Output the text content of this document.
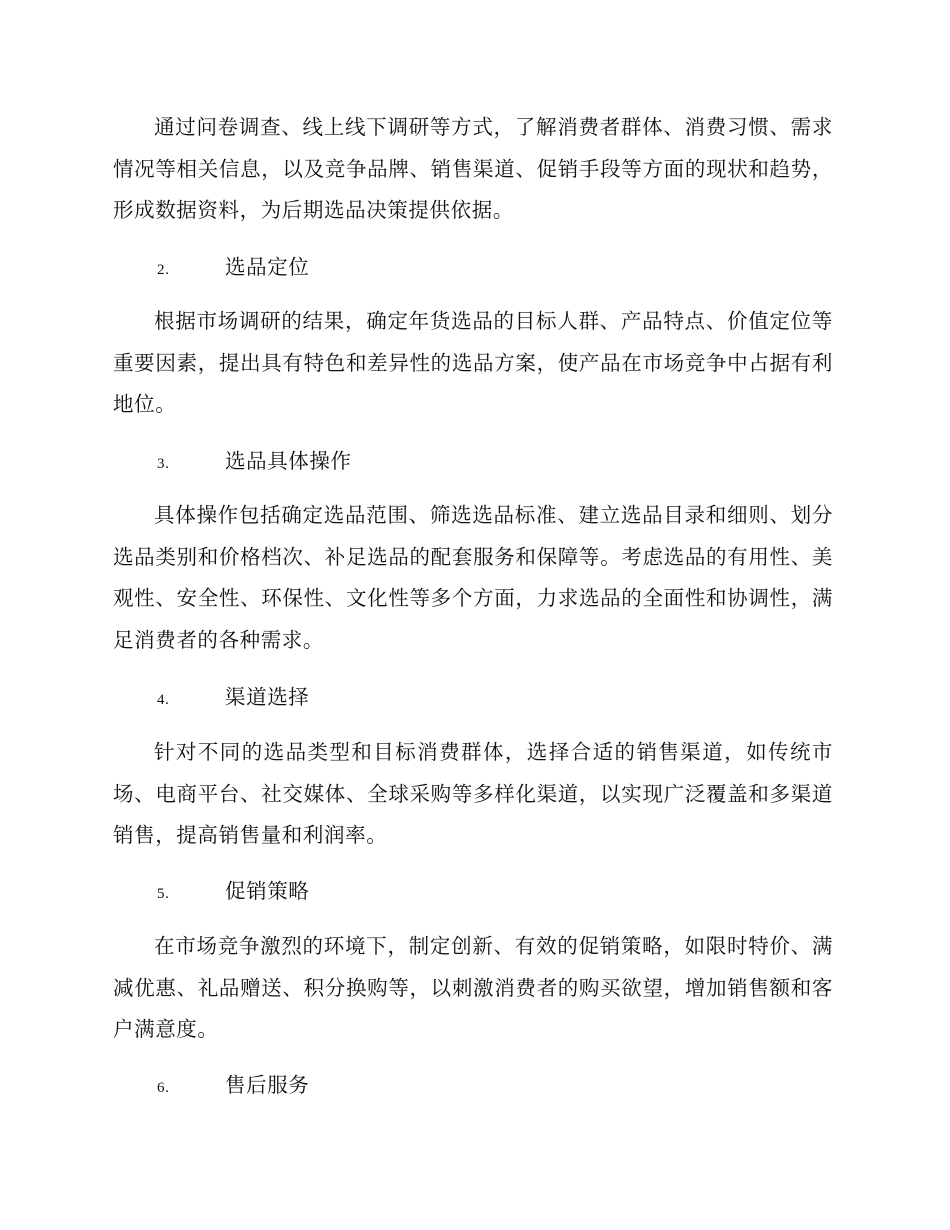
通过问卷调查、线上线下调研等方式，了解消费者群体、消费习惯、需求情况等相关信息，以及竞争品牌、销售渠道、促销手段等方面的现状和趋势，形成数据资料，为后期选品决策提供依据。

2.	选品定位

根据市场调研的结果，确定年货选品的目标人群、产品特点、价值定位等重要因素，提出具有特色和差异性的选品方案，使产品在市场竞争中占据有利地位。

3.	选品具体操作

具体操作包括确定选品范围、筛选选品标准、建立选品目录和细则、划分选品类别和价格档次、补足选品的配套服务和保障等。考虑选品的有用性、美观性、安全性、环保性、文化性等多个方面，力求选品的全面性和协调性，满足消费者的各种需求。

4.	渠道选择

针对不同的选品类型和目标消费群体，选择合适的销售渠道，如传统市场、电商平台、社交媒体、全球采购等多样化渠道，以实现广泛覆盖和多渠道销售，提高销售量和利润率。

5.	促销策略

在市场竞争激烈的环境下，制定创新、有效的促销策略，如限时特价、满减优惠、礼品赠送、积分换购等，以刺激消费者的购买欲望，增加销售额和客户满意度。

6.	售后服务
